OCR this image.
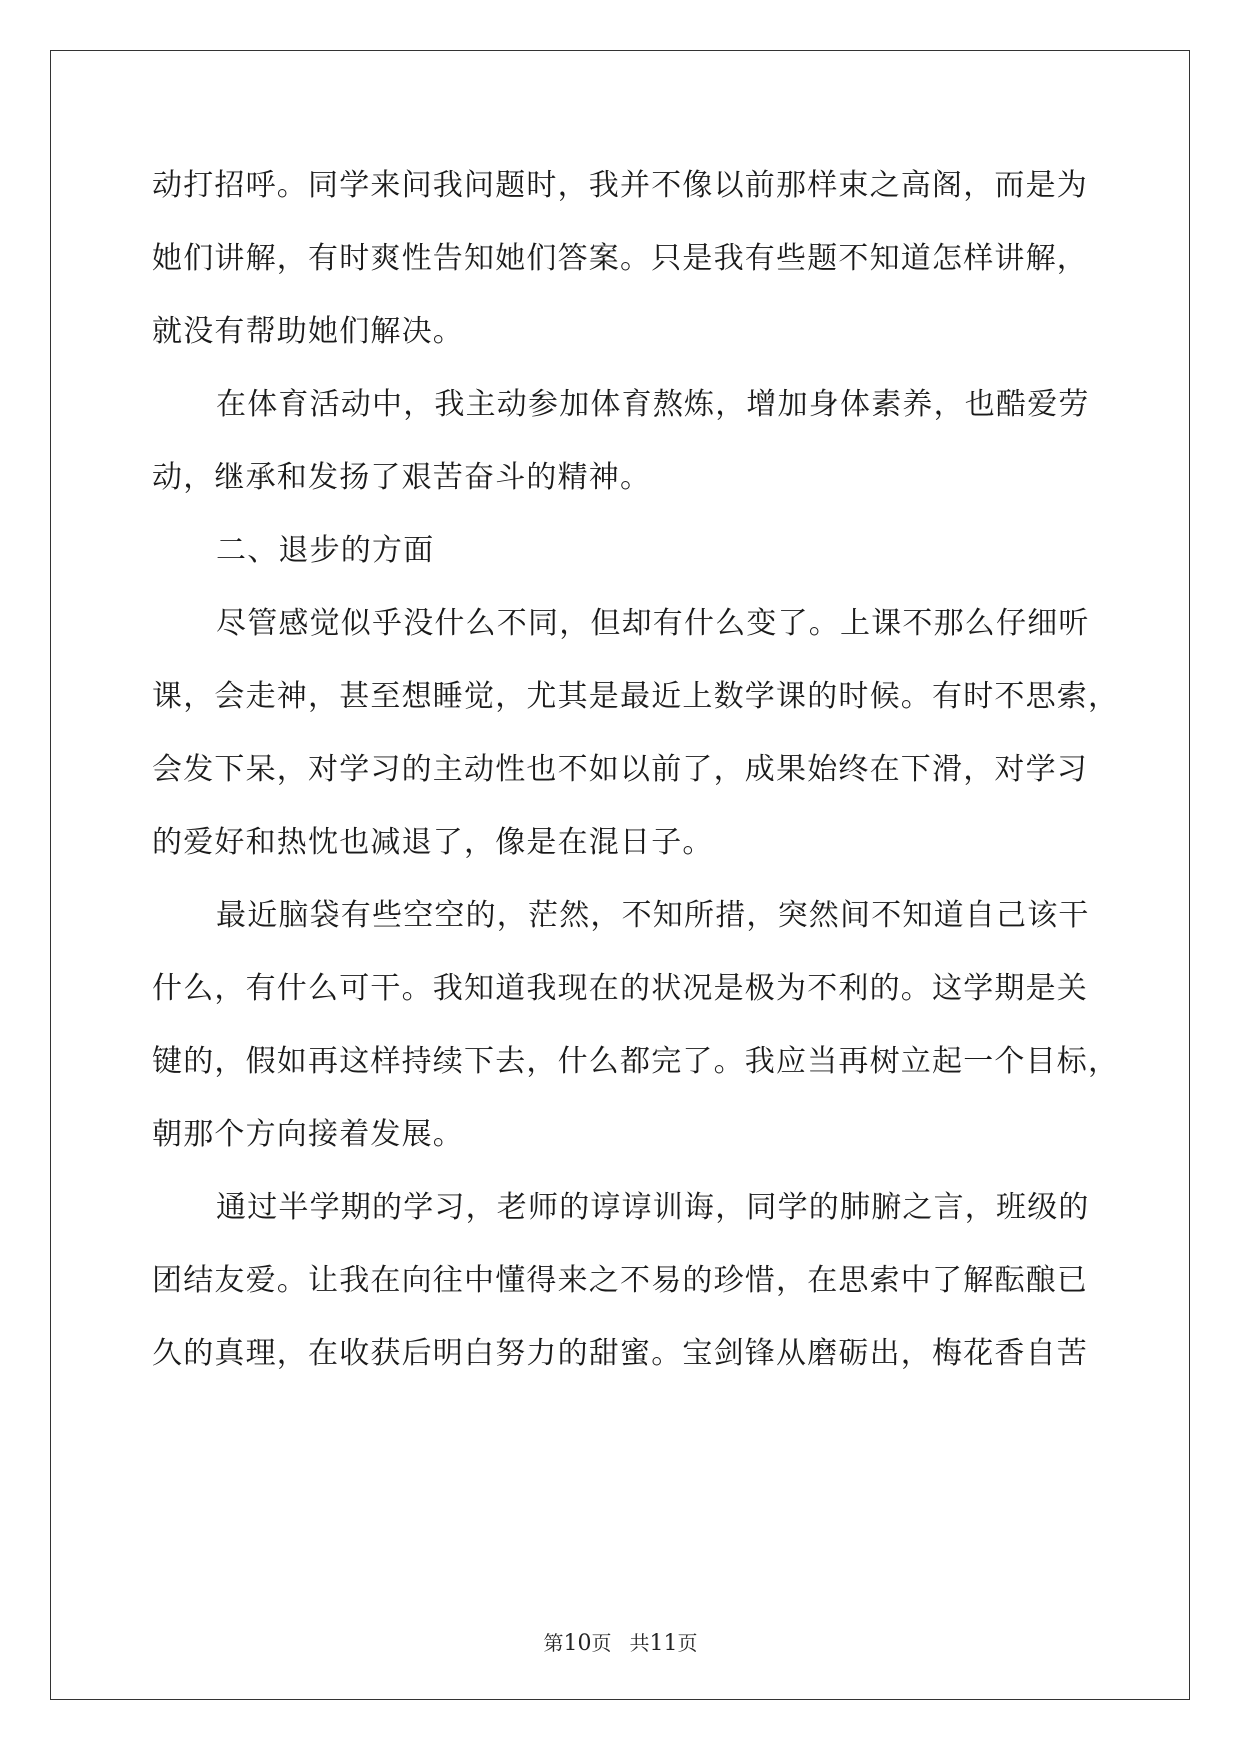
动打招呼。同学来问我问题时，我并不像以前那样束之高阁，而是为
她们讲解，有时爽性告知她们答案。只是我有些题不知道怎样讲解，
就没有帮助她们解决。
在体育活动中，我主动参加体育熬炼，增加身体素养，也酷爱劳
动，继承和发扬了艰苦奋斗的精神。
二、退步的方面
尽管感觉似乎没什么不同，但却有什么变了。上课不那么仔细听
课，会走神，甚至想睡觉，尤其是最近上数学课的时候。有时不思索，
会发下呆，对学习的主动性也不如以前了，成果始终在下滑，对学习
的爱好和热忱也减退了，像是在混日子。
最近脑袋有些空空的，茫然，不知所措，突然间不知道自己该干
什么，有什么可干。我知道我现在的状况是极为不利的。这学期是关
键的，假如再这样持续下去，什么都完了。我应当再树立起一个目标，
朝那个方向接着发展。
通过半学期的学习，老师的谆谆训诲，同学的肺腑之言，班级的
团结友爱。让我在向往中懂得来之不易的珍惜，在思索中了解酝酿已
久的真理，在收获后明白努力的甜蜜。宝剑锋从磨砺出，梅花香自苦
第10页 共11页
